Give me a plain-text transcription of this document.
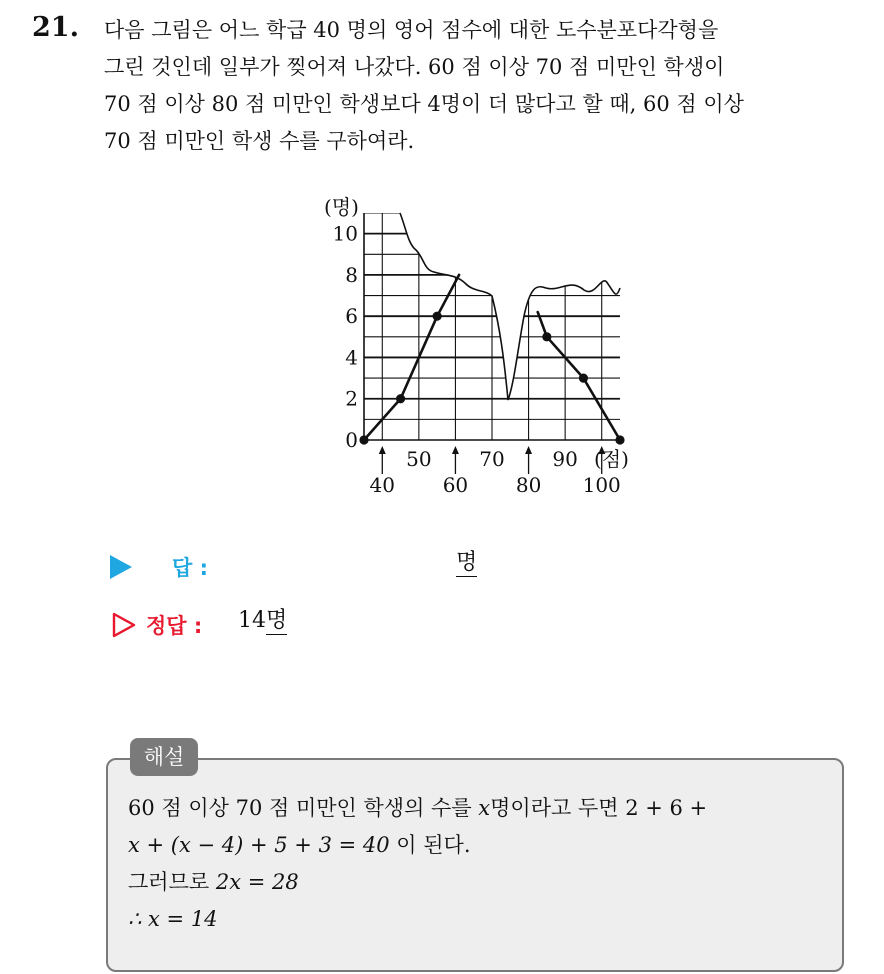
21. 다음 그림은 어느 학급 40 명의 영어 점수에 대한 도수분포다각형을
그린 것인데 일부가 찢어져 나갔다. 60 점 이상 70 점 미만인 학생이
70 점 이상 80 점 미만인 학생보다 4명이 더 많다고 할 때, 60 점 이상
70 점 미만인 학생 수를 구하여라.
0
2
4
6
8
10
50 70 90
40 60 80 100
(명)
(점)
답 :	명
정답 : 14 명
해설
60 점 이상 70 점 미만인 학생의 수를 x명이라고 두면 2 + 6 +
x + (x − 4) + 5 + 3 = 40 이 된다.
그러므로 2x = 28
∴ x = 14
